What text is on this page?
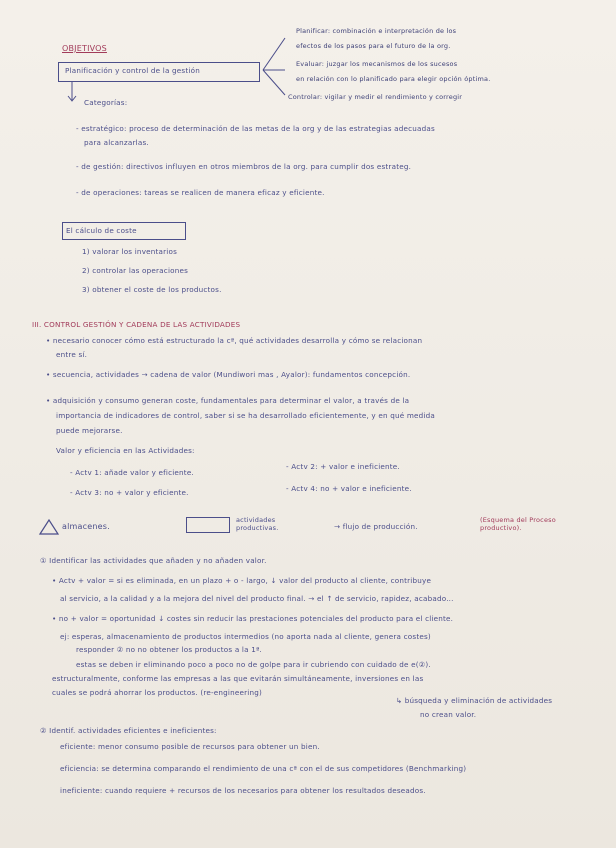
OBJETIVOS
Planificación y control de la gestión
Planificar: combinación e interpretación de los
efectos de los pasos para el futuro de la org.
Evaluar: juzgar los mecanismos de los sucesos
en relación con lo planificado para elegir opción óptima.
Controlar: vigilar y medir el rendimiento y corregir
Categorías:
- estratégico: proceso de determinación de las metas de la org y de las estrategias adecuadas
para alcanzarlas.
- de gestión: directivos influyen en otros miembros de la org. para cumplir dos estrateg.
- de operaciones: tareas se realicen de manera eficaz y eficiente.
El cálculo de coste
1) valorar los inventarios
2) controlar las operaciones
3) obtener el coste de los productos.
III. CONTROL GESTIÓN Y CADENA DE LAS ACTIVIDADES
• necesario conocer cómo está estructurado la cª, qué actividades desarrolla y cómo se relacionan
entre sí.
• secuencia, actividades → cadena de valor (Mundiwori mas , Ayalor): fundamentos concepción.
• adquisición y consumo generan coste, fundamentales para determinar el valor, a través de la
importancia de indicadores de control, saber si se ha desarrollado eficientemente, y en qué medida
puede mejorarse.
Valor y eficiencia en las Actividades:
- Actv 1: añade valor y eficiente.
- Actv 2: + valor e ineficiente.
- Actv 3: no + valor y eficiente.	- Actv 4: no + valor e ineficiente.
almacenes.
actividades productivas.	→ flujo de producción.
(Esquema del Proceso productivo).
① Identificar las actividades que añaden y no añaden valor.
• Actv + valor = si es eliminada, en un plazo + o - largo, ↓ valor del producto al cliente, contribuye
al servicio, a la calidad y a la mejora del nivel del producto final. → el ↑ de servicio, rapidez, acabado...
• no + valor = oportunidad ↓ costes sin reducir las prestaciones potenciales del producto para el cliente.
ej: esperas, almacenamiento de productos intermedios (no aporta nada al cliente, genera costes)
responder ② no no obtener los productos a la 1ª.
estas se deben ir eliminando poco a poco no de golpe para ir cubriendo con cuidado de e(②).
estructuralmente, conforme las empresas a las que evitarán simultáneamente, inversiones en las
cuales se podrá ahorrar los productos. (re-engineering)
↳ búsqueda y eliminación de actividades
no crean valor.
② Identif. actividades eficientes e ineficientes:
eficiente: menor consumo posible de recursos para obtener un bien.
eficiencia: se determina comparando el rendimiento de una cª con el de sus competidores (Benchmarking)
ineficiente: cuando requiere + recursos de los necesarios para obtener los resultados deseados.
